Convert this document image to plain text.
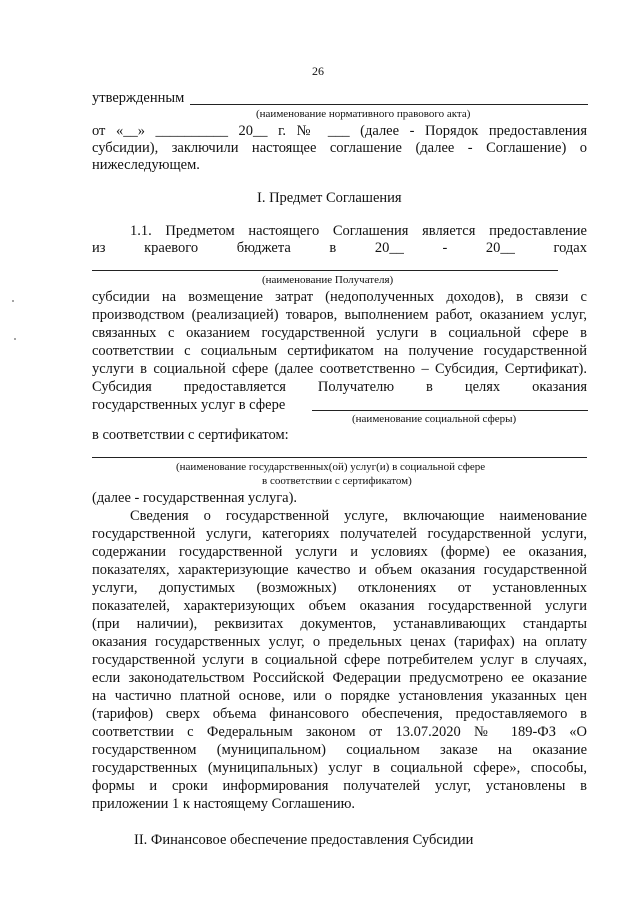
26
утвержденным
(наименование нормативного правового акта)
от «__» __________ 20__ г. № ___ (далее - Порядок предоставления
субсидии), заключили настоящее соглашение (далее - Соглашение) о
нижеследующем.
I. Предмет Соглашения
1.1. Предметом настоящего Соглашения является предоставление
из краевого бюджета в 20__ - 20__ годах
(наименование Получателя)
субсидии на возмещение затрат (недополученных доходов), в связи с
производством (реализацией) товаров, выполнением работ, оказанием услуг,
связанных с оказанием государственной услуги в социальной сфере в
соответствии с социальным сертификатом на получение государственной
услуги в социальной сфере (далее соответственно – Субсидия, Сертификат).
Субсидия предоставляется Получателю в целях оказания
государственных услуг в сфере
(наименование социальной сферы)
в соответствии с сертификатом:
(наименование государственных(ой) услуг(и) в социальной сфере
в соответствии с сертификатом)
(далее - государственная услуга).
Сведения о государственной услуге, включающие наименование
государственной услуги, категориях получателей государственной услуги,
содержании государственной услуги и условиях (форме) ее оказания,
показателях, характеризующие качество и объем оказания государственной
услуги, допустимых (возможных) отклонениях от установленных
показателей, характеризующих объем оказания государственной услуги
(при наличии), реквизитах документов, устанавливающих стандарты
оказания государственных услуг, о предельных ценах (тарифах) на оплату
государственной услуги в социальной сфере потребителем услуг в случаях,
если законодательством Российской Федерации предусмотрено ее оказание
на частично платной основе, или о порядке установления указанных цен
(тарифов) сверх объема финансового обеспечения, предоставляемого в
соответствии с Федеральным законом от 13.07.2020 № 189-ФЗ «О
государственном (муниципальном) социальном заказе на оказание
государственных (муниципальных) услуг в социальной сфере», способы,
формы и сроки информирования получателей услуг, установлены в
приложении 1 к настоящему Соглашению.
II. Финансовое обеспечение предоставления Субсидии
